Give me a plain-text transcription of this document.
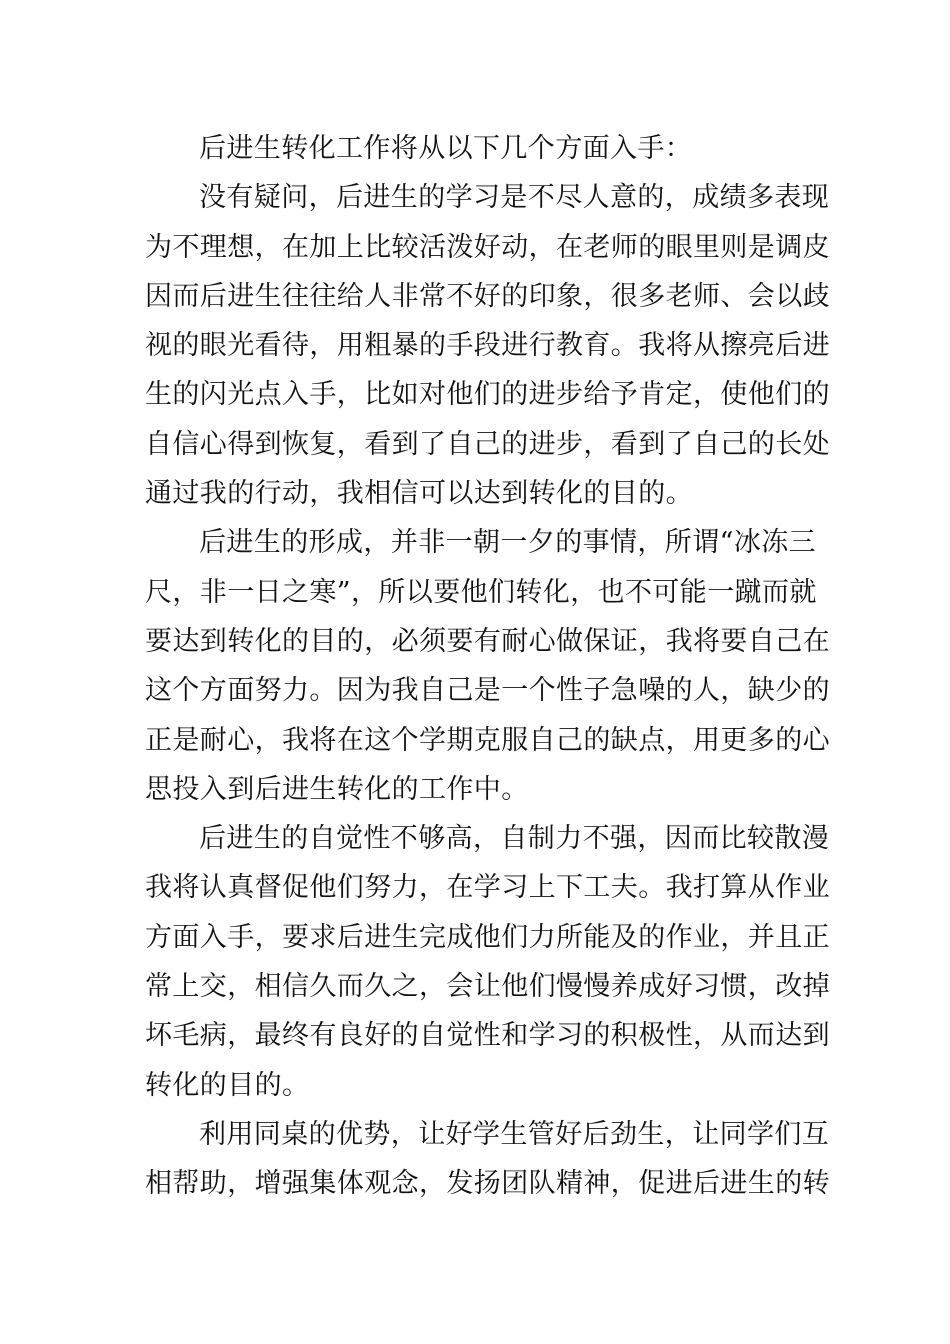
后进生转化工作将从以下几个方面入手：
没有疑问，后进生的学习是不尽人意的，成绩多表现
为不理想，在加上比较活泼好动，在老师的眼里则是调皮
因而后进生往往给人非常不好的印象，很多老师、会以歧
视的眼光看待，用粗暴的手段进行教育。我将从擦亮后进
生的闪光点入手，比如对他们的进步给予肯定，使他们的
自信心得到恢复，看到了自己的进步，看到了自己的长处
通过我的行动，我相信可以达到转化的目的。
后进生的形成，并非一朝一夕的事情，所谓“冰冻三
尺，非一日之寒”，所以要他们转化，也不可能一蹴而就
要达到转化的目的，必须要有耐心做保证，我将要自己在
这个方面努力。因为我自己是一个性子急噪的人，缺少的
正是耐心，我将在这个学期克服自己的缺点，用更多的心
思投入到后进生转化的工作中。
后进生的自觉性不够高，自制力不强，因而比较散漫
我将认真督促他们努力，在学习上下工夫。我打算从作业
方面入手，要求后进生完成他们力所能及的作业，并且正
常上交，相信久而久之，会让他们慢慢养成好习惯，改掉
坏毛病，最终有良好的自觉性和学习的积极性，从而达到
转化的目的。
利用同桌的优势，让好学生管好后劲生，让同学们互
相帮助，增强集体观念，发扬团队精神，促进后进生的转
